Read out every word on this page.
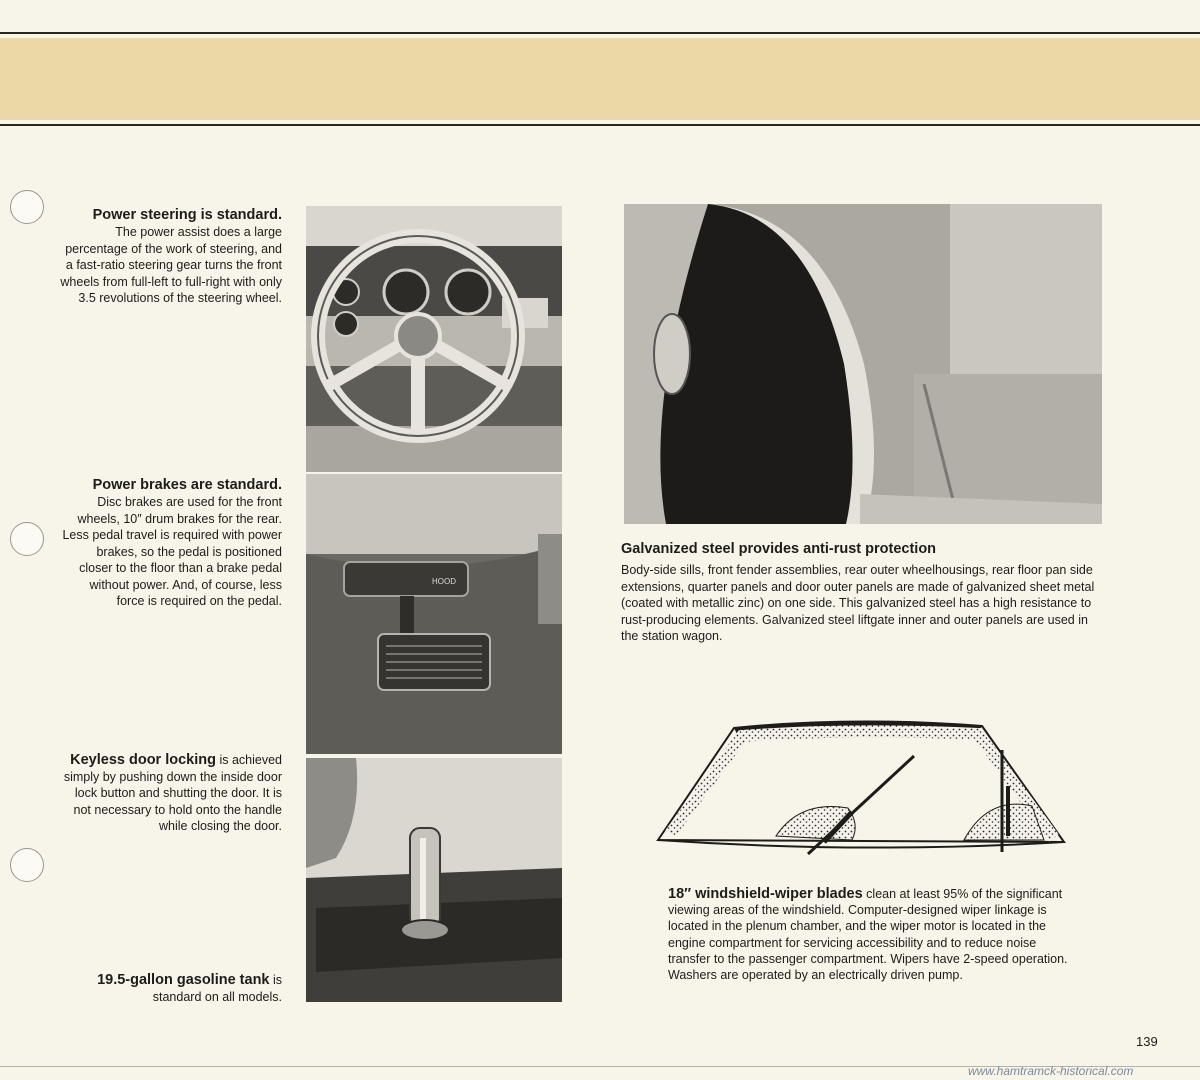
Power steering is standard.
The power assist does a large percentage of the work of steering, and a fast-ratio steering gear turns the front wheels from full-left to full-right with only 3.5 revolutions of the steering wheel.
Power brakes are standard.
Disc brakes are used for the front wheels, 10″ drum brakes for the rear. Less pedal travel is required with power brakes, so the pedal is positioned closer to the floor than a brake pedal without power. And, of course, less force is required on the pedal.
Keyless door locking is achieved simply by pushing down the inside door lock button and shutting the door. It is not necessary to hold onto the handle while closing the door.
19.5-gallon gasoline tank is standard on all models.
HOOD
Galvanized steel provides anti-rust protection
Body-side sills, front fender assemblies, rear outer wheelhousings, rear floor pan side extensions, quarter panels and door outer panels are made of galvanized sheet metal (coated with metallic zinc) on one side. This galvanized steel has a high resistance to rust-producing elements. Galvanized steel liftgate inner and outer panels are used in the station wagon.
18″ windshield-wiper blades clean at least 95% of the significant viewing areas of the windshield. Computer-designed wiper linkage is located in the plenum chamber, and the wiper motor is located in the engine compartment for servicing accessibility and to reduce noise transfer to the passenger compartment. Wipers have 2-speed operation. Washers are operated by an electrically driven pump.
139
www.hamtramck-historical.com
